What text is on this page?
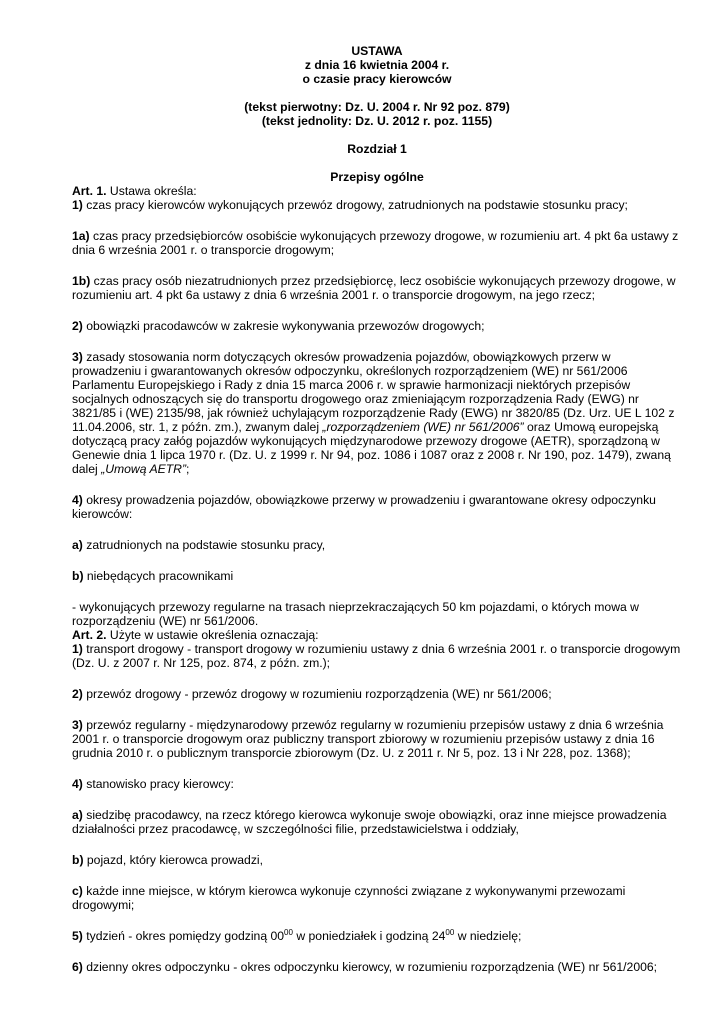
USTAWA

z dnia 16 kwietnia 2004 r.

o czasie pracy kierowców

(tekst pierwotny: Dz. U. 2004 r. Nr 92 poz. 879)

(tekst jednolity: Dz. U. 2012 r. poz. 1155)

Rozdział 1

Przepisy ogólne

Art. 1. Ustawa określa:

1) czas pracy kierowców wykonujących przewóz drogowy, zatrudnionych na podstawie stosunku pracy;

1a) czas pracy przedsiębiorców osobiście wykonujących przewozy drogowe, w rozumieniu art. 4 pkt 6a ustawy z dnia 6 września 2001 r. o transporcie drogowym;

1b) czas pracy osób niezatrudnionych przez przedsiębiorcę, lecz osobiście wykonujących przewozy drogowe, w rozumieniu art. 4 pkt 6a ustawy z dnia 6 września 2001 r. o transporcie drogowym, na jego rzecz;

2) obowiązki pracodawców w zakresie wykonywania przewozów drogowych;

3) zasady stosowania norm dotyczących okresów prowadzenia pojazdów, obowiązkowych przerw w prowadzeniu i gwarantowanych okresów odpoczynku, określonych rozporządzeniem (WE) nr 561/2006 Parlamentu Europejskiego i Rady z dnia 15 marca 2006 r. w sprawie harmonizacji niektórych przepisów socjalnych odnoszących się do transportu drogowego oraz zmieniającym rozporządzenia Rady (EWG) nr 3821/85 i (WE) 2135/98, jak również uchylającym rozporządzenie Rady (EWG) nr 3820/85 (Dz. Urz. UE L 102 z 11.04.2006, str. 1, z późn. zm.), zwanym dalej „rozporządzeniem (WE) nr 561/2006” oraz Umową europejską dotyczącą pracy załóg pojazdów wykonujących międzynarodowe przewozy drogowe (AETR), sporządzoną w Genewie dnia 1 lipca 1970 r. (Dz. U. z 1999 r. Nr 94, poz. 1086 i 1087 oraz z 2008 r. Nr 190, poz. 1479), zwaną dalej „Umową AETR”;

4) okresy prowadzenia pojazdów, obowiązkowe przerwy w prowadzeniu i gwarantowane okresy odpoczynku kierowców:

a) zatrudnionych na podstawie stosunku pracy,

b) niebędących pracownikami

- wykonujących przewozy regularne na trasach nieprzekraczających 50 km pojazdami, o których mowa w rozporządzeniu (WE) nr 561/2006.

Art. 2. Użyte w ustawie określenia oznaczają:

1) transport drogowy - transport drogowy w rozumieniu ustawy z dnia 6 września 2001 r. o transporcie drogowym (Dz. U. z 2007 r. Nr 125, poz. 874, z późn. zm.);

2) przewóz drogowy - przewóz drogowy w rozumieniu rozporządzenia (WE) nr 561/2006;

3) przewóz regularny - międzynarodowy przewóz regularny w rozumieniu przepisów ustawy z dnia 6 września 2001 r. o transporcie drogowym oraz publiczny transport zbiorowy w rozumieniu przepisów ustawy z dnia 16 grudnia 2010 r. o publicznym transporcie zbiorowym (Dz. U. z 2011 r. Nr 5, poz. 13 i Nr 228, poz. 1368);

4) stanowisko pracy kierowcy:

a) siedzibę pracodawcy, na rzecz którego kierowca wykonuje swoje obowiązki, oraz inne miejsce prowadzenia działalności przez pracodawcę, w szczególności filie, przedstawicielstwa i oddziały,

b) pojazd, który kierowca prowadzi,

c) każde inne miejsce, w którym kierowca wykonuje czynności związane z wykonywanymi przewozami drogowymi;

5) tydzień - okres pomiędzy godziną $00^{00}$ w poniedziałek i godziną $24^{00}$ w niedzielę;

6) dzienny okres odpoczynku - okres odpoczynku kierowcy, w rozumieniu rozporządzenia (WE) nr 561/2006;
